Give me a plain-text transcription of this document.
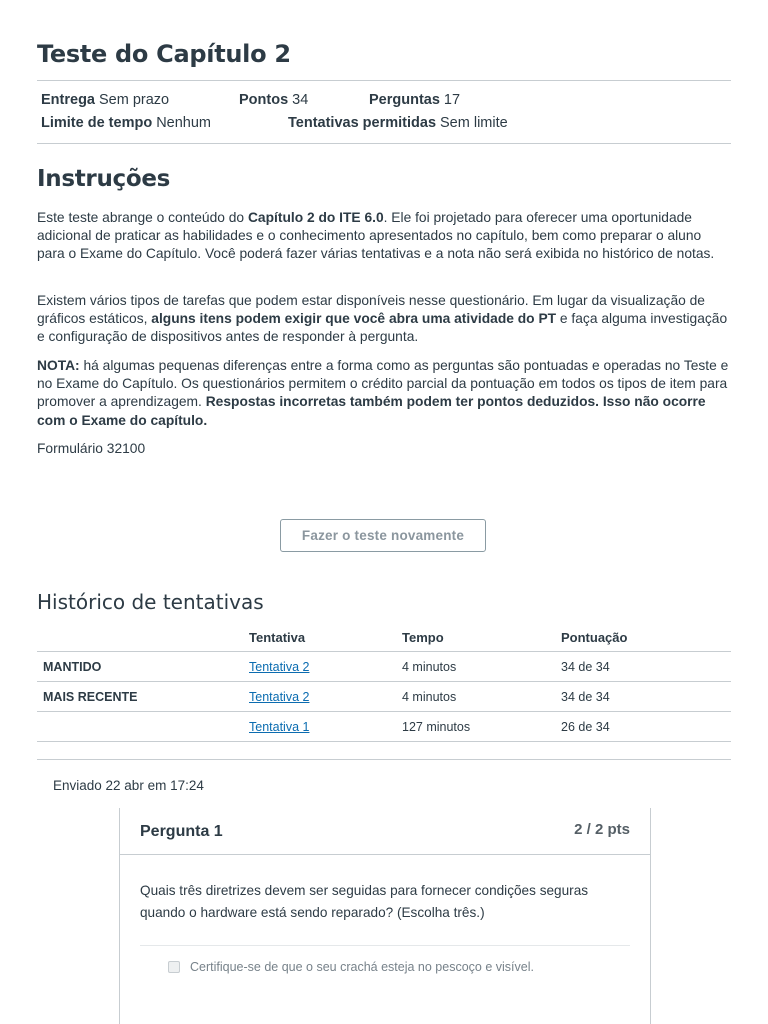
Teste do Capítulo 2
Entrega Sem prazo	Pontos 34	Perguntas 17
Limite de tempo Nenhum	Tentativas permitidas Sem limite
Instruções

Este teste abrange o conteúdo do Capítulo 2 do ITE 6.0. Ele foi projetado para oferecer uma oportunidade adicional de praticar as habilidades e o conhecimento apresentados no capítulo, bem como preparar o aluno para o Exame do Capítulo. Você poderá fazer várias tentativas e a nota não será exibida no histórico de notas.

Existem vários tipos de tarefas que podem estar disponíveis nesse questionário. Em lugar da visualização de gráficos estáticos, alguns itens podem exigir que você abra uma atividade do PT e faça alguma investigação e configuração de dispositivos antes de responder à pergunta.

NOTA: há algumas pequenas diferenças entre a forma como as perguntas são pontuadas e operadas no Teste e no Exame do Capítulo. Os questionários permitem o crédito parcial da pontuação em todos os tipos de item para promover a aprendizagem. Respostas incorretas também podem ter pontos deduzidos. Isso não ocorre com o Exame do capítulo.

Formulário 32100

Fazer o teste novamente
Histórico de tentativas
	Tentativa	Tempo	Pontuação
MANTIDO	Tentativa 2	4 minutos	34 de 34
MAIS RECENTE	Tentativa 2	4 minutos	34 de 34
	Tentativa 1	127 minutos	26 de 34
Enviado 22 abr em 17:24
Pergunta 1	2 / 2 pts

Quais três diretrizes devem ser seguidas para fornecer condições seguras quando o hardware está sendo reparado? (Escolha três.)

Certifique-se de que o seu crachá esteja no pescoço e visível.
